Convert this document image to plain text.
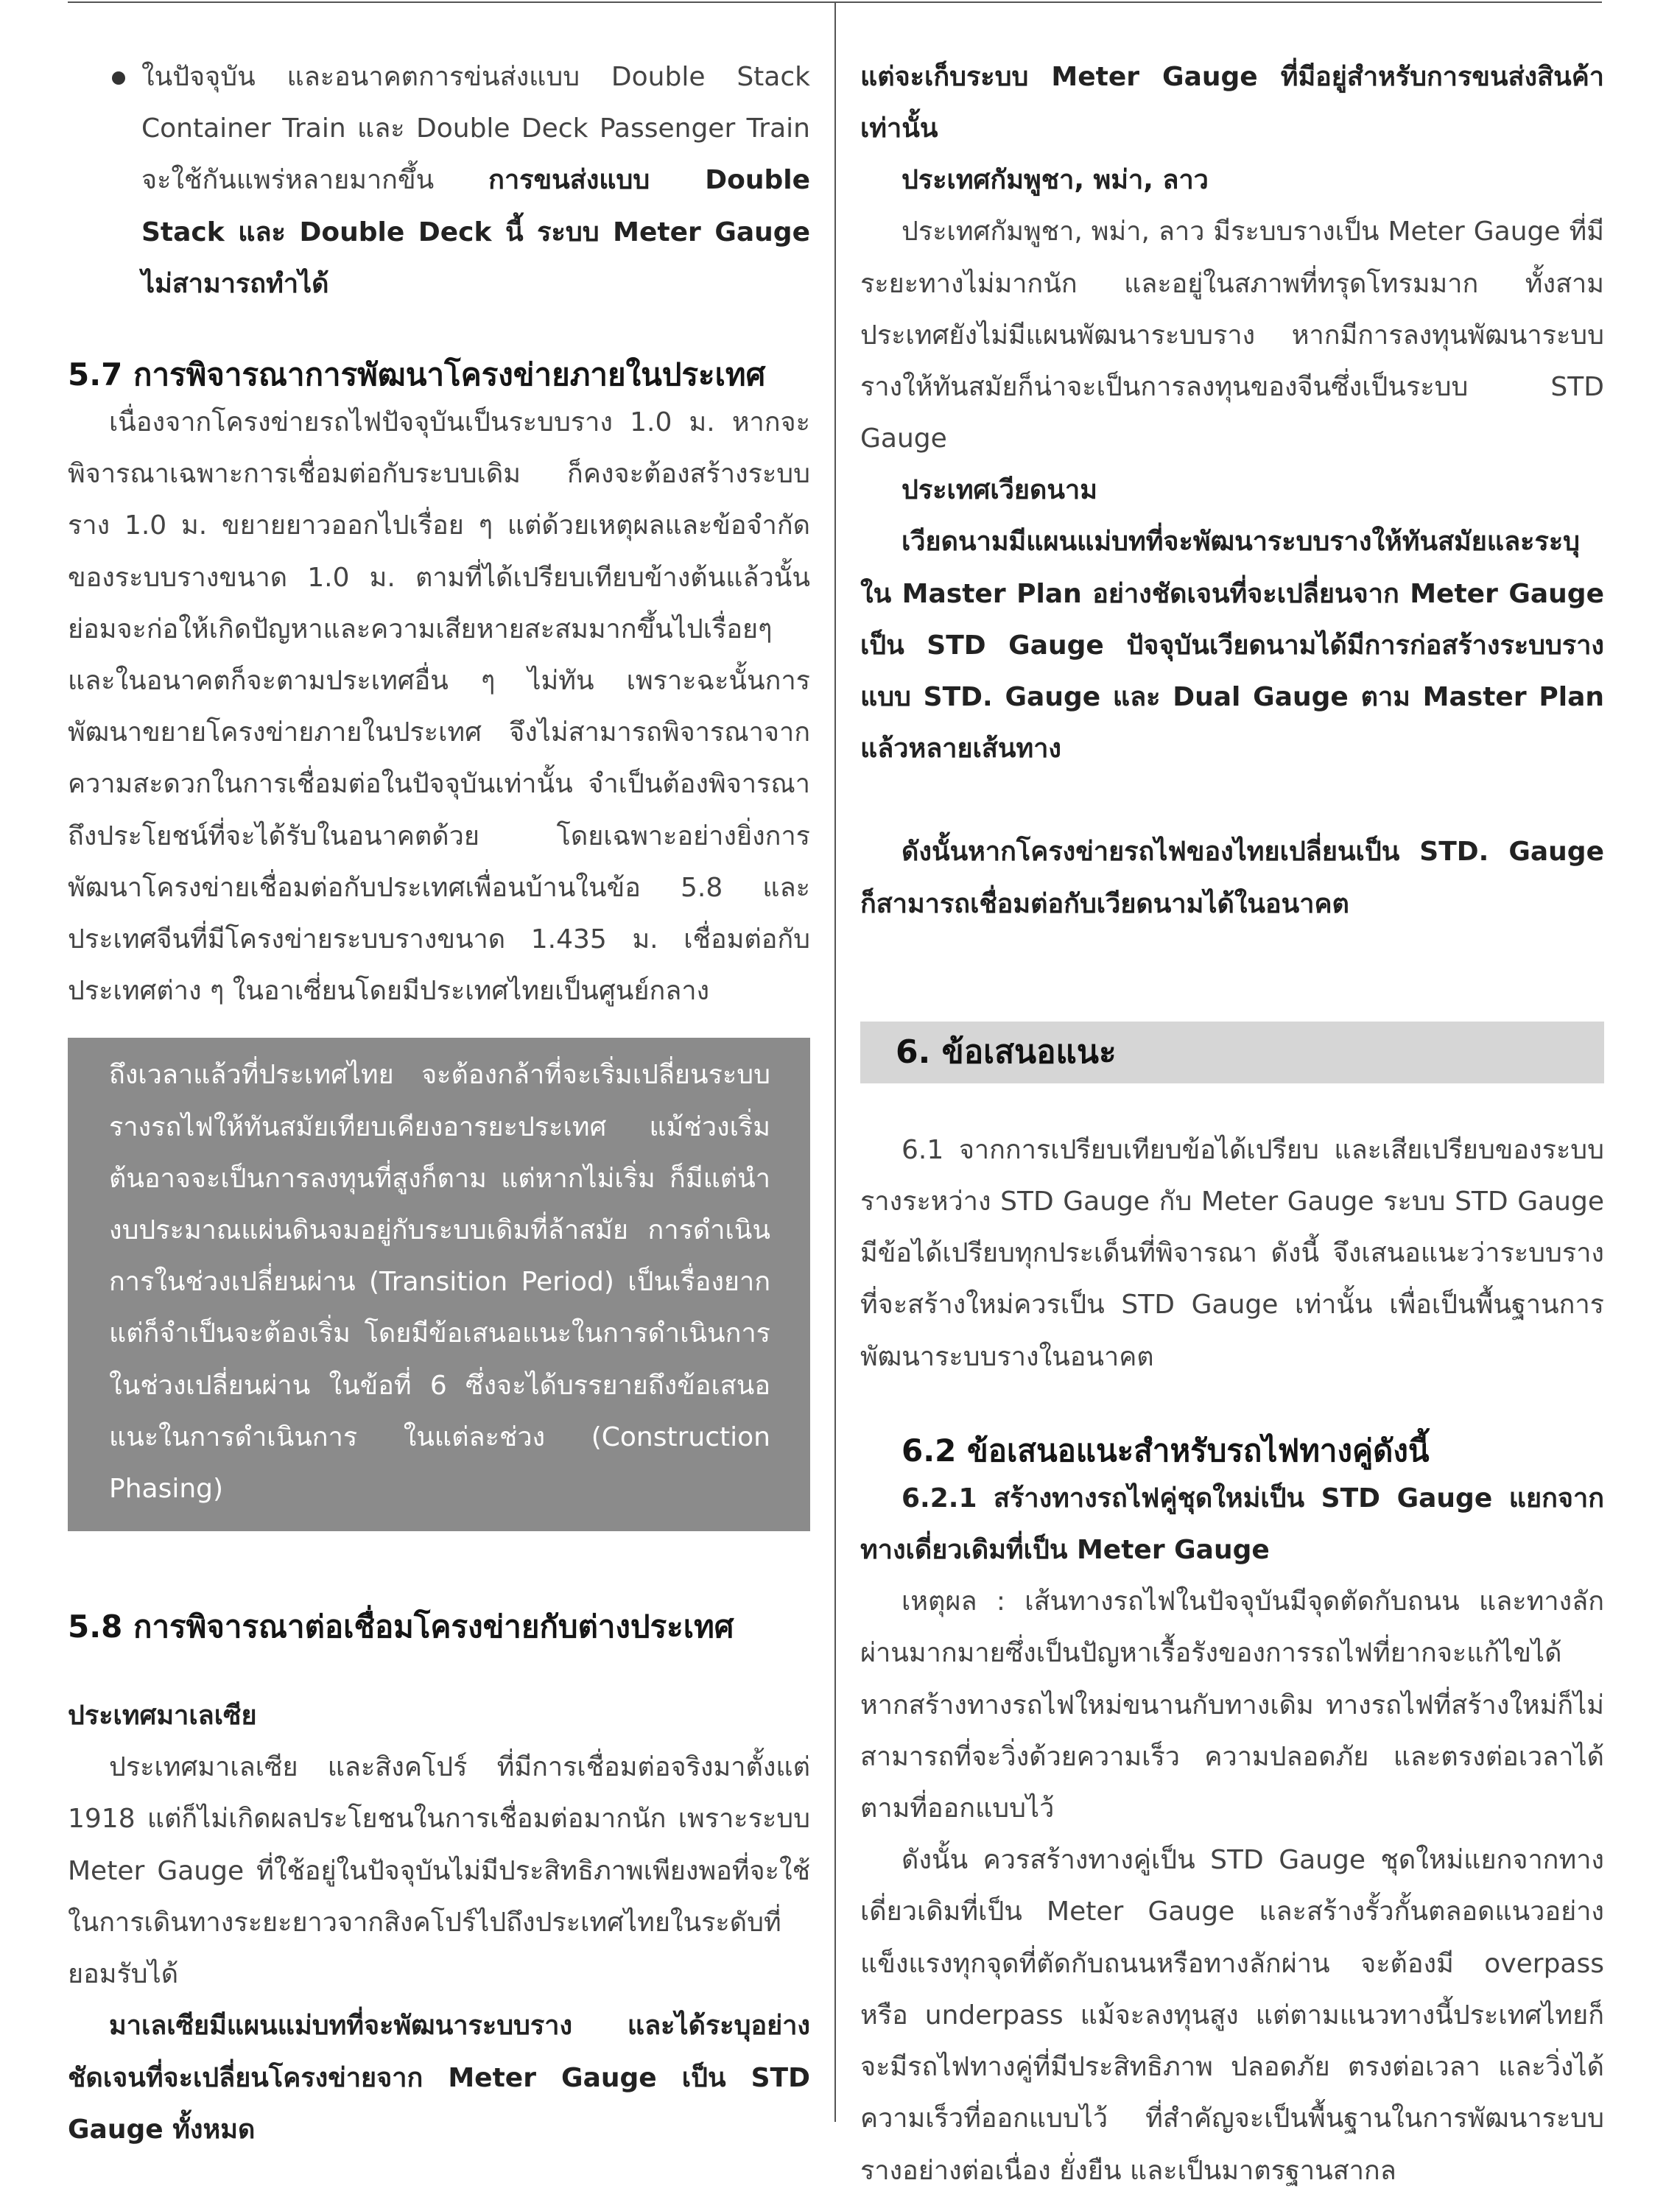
ในปัจจุบัน และอนาคตการข่นส่งแบบ Double Stack Container Train และ Double Deck Passenger Train จะใช้กันแพร่หลายมากขึ้น การขนส่งแบบ Double Stack และ Double Deck นี้ ระบบ Meter Gauge ไม่สามารถทำได้
5.7 การพิจารณาการพัฒนาโครงข่ายภายในประเทศ

เนื่องจากโครงข่ายรถไฟปัจจุบันเป็นระบบราง 1.0 ม. หากจะพิจารณาเฉพาะการเชื่อมต่อกับระบบเดิม ก็คงจะต้องสร้างระบบราง 1.0 ม. ขยายยาวออกไปเรื่อย ๆ แต่ด้วยเหตุผลและข้อจำกัดของระบบรางขนาด 1.0 ม. ตามที่ได้เปรียบเทียบข้างต้นแล้วนั้น ย่อมจะก่อให้เกิดปัญหาและความเสียหายสะสมมากขึ้นไปเรื่อยๆ และในอนาคตก็จะตามประเทศอื่น ๆ ไม่ทัน เพราะฉะนั้นการพัฒนาขยายโครงข่ายภายในประเทศ จึงไม่สามารถพิจารณาจากความสะดวกในการเชื่อมต่อในปัจจุบันเท่านั้น จำเป็นต้องพิจารณาถึงประโยชน์ที่จะได้รับในอนาคตด้วย โดยเฉพาะอย่างยิ่งการพัฒนาโครงข่ายเชื่อมต่อกับประเทศเพื่อนบ้านในข้อ 5.8 และประเทศจีนที่มีโครงข่ายระบบรางขนาด 1.435 ม. เชื่อมต่อกับประเทศต่าง ๆ ในอาเซี่ยนโดยมีประเทศไทยเป็นศูนย์กลาง

ถึงเวลาแล้วที่ประเทศไทย จะต้องกล้าที่จะเริ่มเปลี่ยนระบบรางรถไฟให้ทันสมัยเทียบเคียงอารยะประเทศ แม้ช่วงเริ่มต้นอาจจะเป็นการลงทุนที่สูงก็ตาม แต่หากไม่เริ่ม ก็มีแต่นำงบประมาณแผ่นดินจมอยู่กับระบบเดิมที่ล้าสมัย การดำเนินการในช่วงเปลี่ยนผ่าน (Transition Period) เป็นเรื่องยาก แต่ก็จำเป็นจะต้องเริ่ม โดยมีข้อเสนอแนะในการดำเนินการในช่วงเปลี่ยนผ่าน ในข้อที่ 6 ซึ่งจะได้บรรยายถึงข้อเสนอแนะในการดำเนินการ ในแต่ละช่วง (Construction Phasing)
5.8 การพิจารณาต่อเชื่อมโครงข่ายกับต่างประเทศ
ประเทศมาเลเซีย

ประเทศมาเลเซีย และสิงคโปร์ ที่มีการเชื่อมต่อจริงมาตั้งแต่ 1918 แต่ก็ไม่เกิดผลประโยชนในการเชื่อมต่อมากนัก เพราะระบบ Meter Gauge ที่ใช้อยู่ในปัจจุบันไม่มีประสิทธิภาพเพียงพอที่จะใช้ในการเดินทางระยะยาวจากสิงคโปร์ไปถึงประเทศไทยในระดับที่ยอมรับได้

มาเลเซียมีแผนแม่บทที่จะพัฒนาระบบราง และได้ระบุอย่างชัดเจนที่จะเปลี่ยนโครงข่ายจาก Meter Gauge เป็น STD Gauge ทั้งหมด

แต่จะเก็บระบบ Meter Gauge ที่มีอยู่สำหรับการขนส่งสินค้าเท่านั้น

ประเทศกัมพูชา, พม่า, ลาว

ประเทศกัมพูชา, พม่า, ลาว มีระบบรางเป็น Meter Gauge ที่มีระยะทางไม่มากนัก และอยู่ในสภาพที่ทรุดโทรมมาก ทั้งสามประเทศยังไม่มีแผนพัฒนาระบบราง หากมีการลงทุนพัฒนาระบบรางให้ทันสมัยก็น่าจะเป็นการลงทุนของจีนซึ่งเป็นระบบ STD Gauge

ประเทศเวียดนาม

เวียดนามมีแผนแม่บทที่จะพัฒนาระบบรางให้ทันสมัยและระบุใน Master Plan อย่างชัดเจนที่จะเปลี่ยนจาก Meter Gauge เป็น STD Gauge ปัจจุบันเวียดนามได้มีการก่อสร้างระบบรางแบบ STD. Gauge และ Dual Gauge ตาม Master Plan แล้วหลายเส้นทาง

ดังนั้นหากโครงข่ายรถไฟของไทยเปลี่ยนเป็น STD. Gauge ก็สามารถเชื่อมต่อกับเวียดนามได้ในอนาคต

6. ข้อเสนอแนะ

6.1 จากการเปรียบเทียบข้อได้เปรียบ และเสียเปรียบของระบบรางระหว่าง STD Gauge กับ Meter Gauge ระบบ STD Gauge มีข้อได้เปรียบทุกประเด็นที่พิจารณา ดังนี้ จึงเสนอแนะว่าระบบรางที่จะสร้างใหม่ควรเป็น STD Gauge เท่านั้น เพื่อเป็นพื้นฐานการพัฒนาระบบรางในอนาคต

6.2 ข้อเสนอแนะสำหรับรถไฟทางคู่ดังนี้

6.2.1 สร้างทางรถไฟคู่ชุดใหม่เป็น STD Gauge แยกจากทางเดี่ยวเดิมที่เป็น Meter Gauge

เหตุผล : เส้นทางรถไฟในปัจจุบันมีจุดตัดกับถนน และทางลักผ่านมากมายซึ่งเป็นปัญหาเรื้อรังของการรถไฟที่ยากจะแก้ไขได้ หากสร้างทางรถไฟใหม่ขนานกับทางเดิม ทางรถไฟที่สร้างใหม่ก็ไม่สามารถที่จะวิ่งด้วยความเร็ว ความปลอดภัย และตรงต่อเวลาได้ ตามที่ออกแบบไว้

ดังนั้น ควรสร้างทางคู่เป็น STD Gauge ชุดใหม่แยกจากทางเดี่ยวเดิมที่เป็น Meter Gauge และสร้างรั้วกั้นตลอดแนวอย่างแข็งแรงทุกจุดที่ตัดกับถนนหรือทางลักผ่าน จะต้องมี overpass หรือ underpass แม้จะลงทุนสูง แต่ตามแนวทางนี้ประเทศไทยก็จะมีรถไฟทางคู่ที่มีประสิทธิภาพ ปลอดภัย ตรงต่อเวลา และวิ่งได้ความเร็วที่ออกแบบไว้ ที่สำคัญจะเป็นพื้นฐานในการพัฒนาระบบรางอย่างต่อเนื่อง ยั่งยืน และเป็นมาตรฐานสากล
